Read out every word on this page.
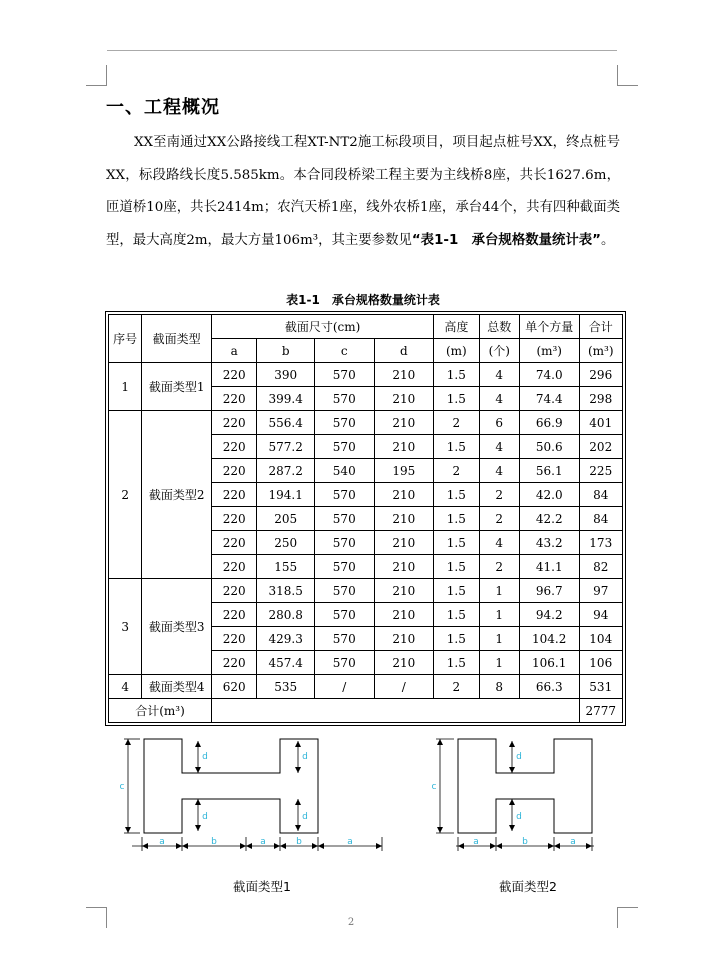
一、工程概况
XX至南通过XX公路接线工程XT-NT2施工标段项目，项目起点桩号XX，终点桩号XX，标段路线长度5.585km。本合同段桥梁工程主要为主线桥8座，共长1627.6m，匝道桥10座，共长2414m；农汽天桥1座，线外农桥1座，承台44个，共有四种截面类型，最大高度2m，最大方量106m³，其主要参数见“表1-1　承台规格数量统计表”。
表1-1　承台规格数量统计表
序号	截面类型	截面尺寸(cm)				高度	总数	单个方量	合计
		a	b	c	d	(m)	(个)	(m³)	(m³)
1	截面类型1	220	390	570	210	1.5	4	74.0	296
		220	399.4	570	210	1.5	4	74.4	298
2	截面类型2	220	556.4	570	210	2	6	66.9	401
		220	577.2	570	210	1.5	4	50.6	202
		220	287.2	540	195	2	4	56.1	225
		220	194.1	570	210	1.5	2	42.0	84
		220	205	570	210	1.5	2	42.2	84
		220	250	570	210	1.5	4	43.2	173
		220	155	570	210	1.5	2	41.1	82
3	截面类型3	220	318.5	570	210	1.5	1	96.7	97
		220	280.8	570	210	1.5	1	94.2	94
		220	429.3	570	210	1.5	1	104.2	104
		220	457.4	570	210	1.5	1	106.1	106
4	截面类型4	620	535	/	/	2	8	66.3	531
合计(m³)									2777
c
a	b	a	b	a
d
d
d
d
c
a	b	a
d
d
截面类型1	截面类型2
2
